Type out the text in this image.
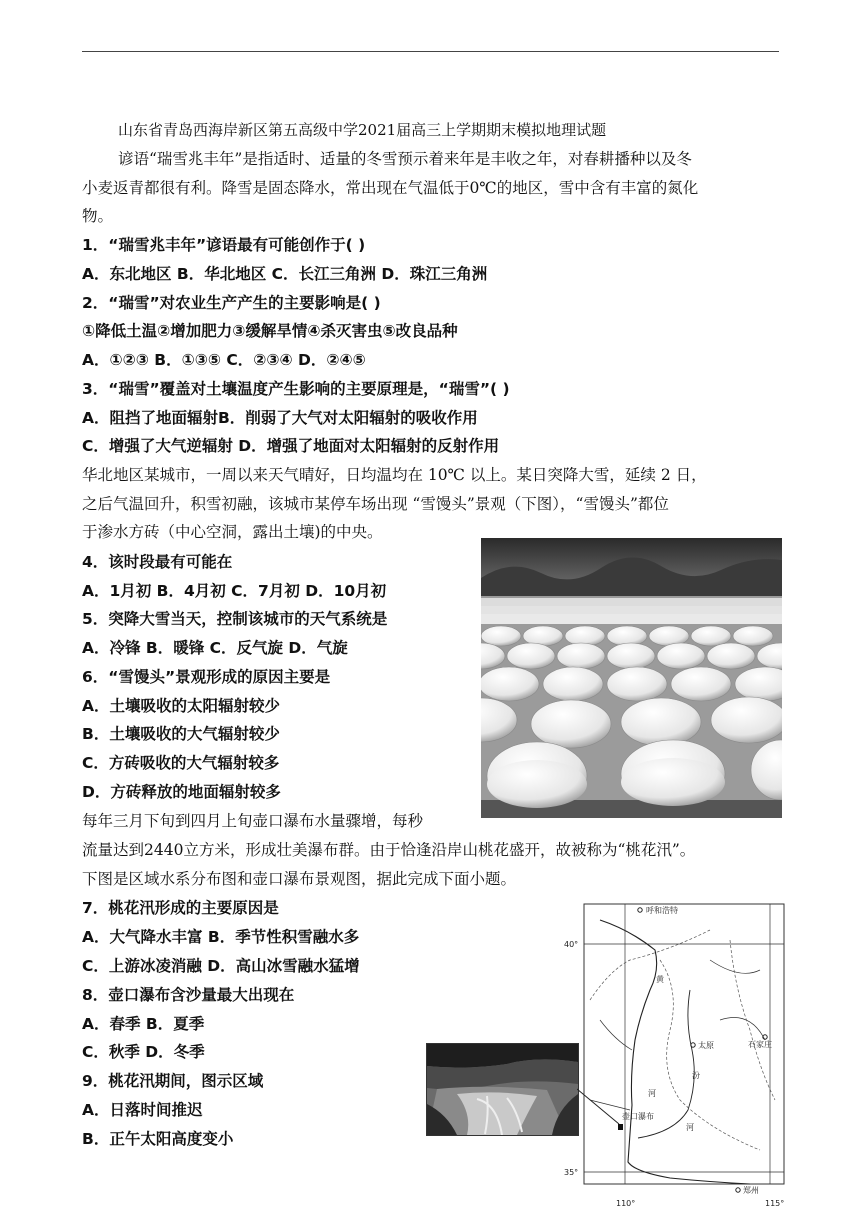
山东省青岛西海岸新区第五高级中学2021届高三上学期期末模拟地理试题
谚语“瑞雪兆丰年”是指适时、适量的冬雪预示着来年是丰收之年，对春耕播种以及冬
小麦返青都很有利。降雪是固态降水，常出现在气温低于0℃的地区，雪中含有丰富的氮化
物。
1．“瑞雪兆丰年”谚语最有可能创作于( )
A．东北地区 B．华北地区 C．长江三角洲 D．珠江三角洲
2．“瑞雪”对农业生产产生的主要影响是( )
①降低土温②增加肥力③缓解旱情④杀灭害虫⑤改良品种
A．①②③ B．①③⑤ C．②③④ D．②④⑤
3．“瑞雪”覆盖对土壤温度产生影响的主要原理是，“瑞雪”( )
A．阻挡了地面辐射B．削弱了大气对太阳辐射的吸收作用
C．增强了大气逆辐射 D．增强了地面对太阳辐射的反射作用
华北地区某城市，一周以来天气晴好，日均温均在 10℃ 以上。某日突降大雪，延续 2 日，
之后气温回升，积雪初融，该城市某停车场出现 “雪馒头”景观（下图），“雪馒头”都位
于渗水方砖（中心空洞，露出土壤)的中央。
4．该时段最有可能在
A．1月初 B．4月初 C．7月初 D．10月初
5．突降大雪当天，控制该城市的天气系统是
A．冷锋 B．暖锋 C．反气旋 D．气旋
6．“雪馒头”景观形成的原因主要是
A．土壤吸收的太阳辐射较少
B．土壤吸收的大气辐射较少
C．方砖吸收的大气辐射较多
D．方砖释放的地面辐射较多
每年三月下旬到四月上旬壶口瀑布水量骤增，每秒
流量达到2440立方米，形成壮美瀑布群。由于恰逢沿岸山桃花盛开，故被称为“桃花汛”。
下图是区域水系分布图和壶口瀑布景观图，据此完成下面小题。
7．桃花汛形成的主要原因是
A．大气降水丰富 B．季节性积雪融水多
C．上游冰凌消融 D．高山冰雪融水猛增
8．壶口瀑布含沙量最大出现在
A．春季 B．夏季
C．秋季 D．冬季
9．桃花汛期间，图示区域
A．日落时间推迟
B．正午太阳高度变小
呼和浩特
太原	石家庄
郑州
壶口瀑布
黄
河
汾
河
40°
35°
110°	115°
